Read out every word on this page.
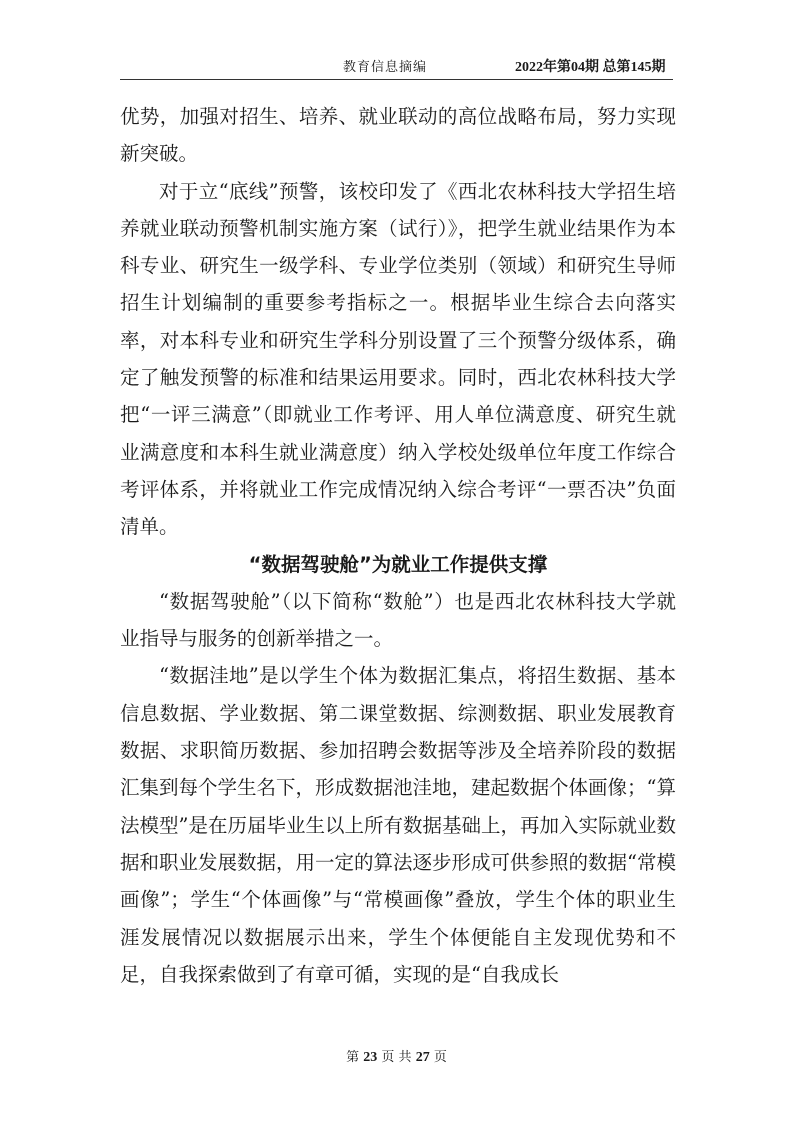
教育信息摘编	2022年第04期 总第145期

优势，加强对招生、培养、就业联动的高位战略布局，努力实现新突破。

对于立“底线”预警，该校印发了《西北农林科技大学招生培养就业联动预警机制实施方案（试行）》，把学生就业结果作为本科专业、研究生一级学科、专业学位类别（领域）和研究生导师招生计划编制的重要参考指标之一。根据毕业生综合去向落实率，对本科专业和研究生学科分别设置了三个预警分级体系，确定了触发预警的标准和结果运用要求。同时，西北农林科技大学把“一评三满意”（即就业工作考评、用人单位满意度、研究生就业满意度和本科生就业满意度）纳入学校处级单位年度工作综合考评体系，并将就业工作完成情况纳入综合考评“一票否决”负面清单。

“数据驾驶舱”为就业工作提供支撑

“数据驾驶舱”（以下简称“数舱”）也是西北农林科技大学就业指导与服务的创新举措之一。

“数据洼地”是以学生个体为数据汇集点，将招生数据、基本信息数据、学业数据、第二课堂数据、综测数据、职业发展教育数据、求职简历数据、参加招聘会数据等涉及全培养阶段的数据汇集到每个学生名下，形成数据池洼地，建起数据个体画像；“算法模型”是在历届毕业生以上所有数据基础上，再加入实际就业数据和职业发展数据，用一定的算法逐步形成可供参照的数据“常模画像”；学生“个体画像”与“常模画像”叠放，学生个体的职业生涯发展情况以数据展示出来，学生个体便能自主发现优势和不足，自我探索做到了有章可循，实现的是“自我成长

第 23 页 共 27 页
